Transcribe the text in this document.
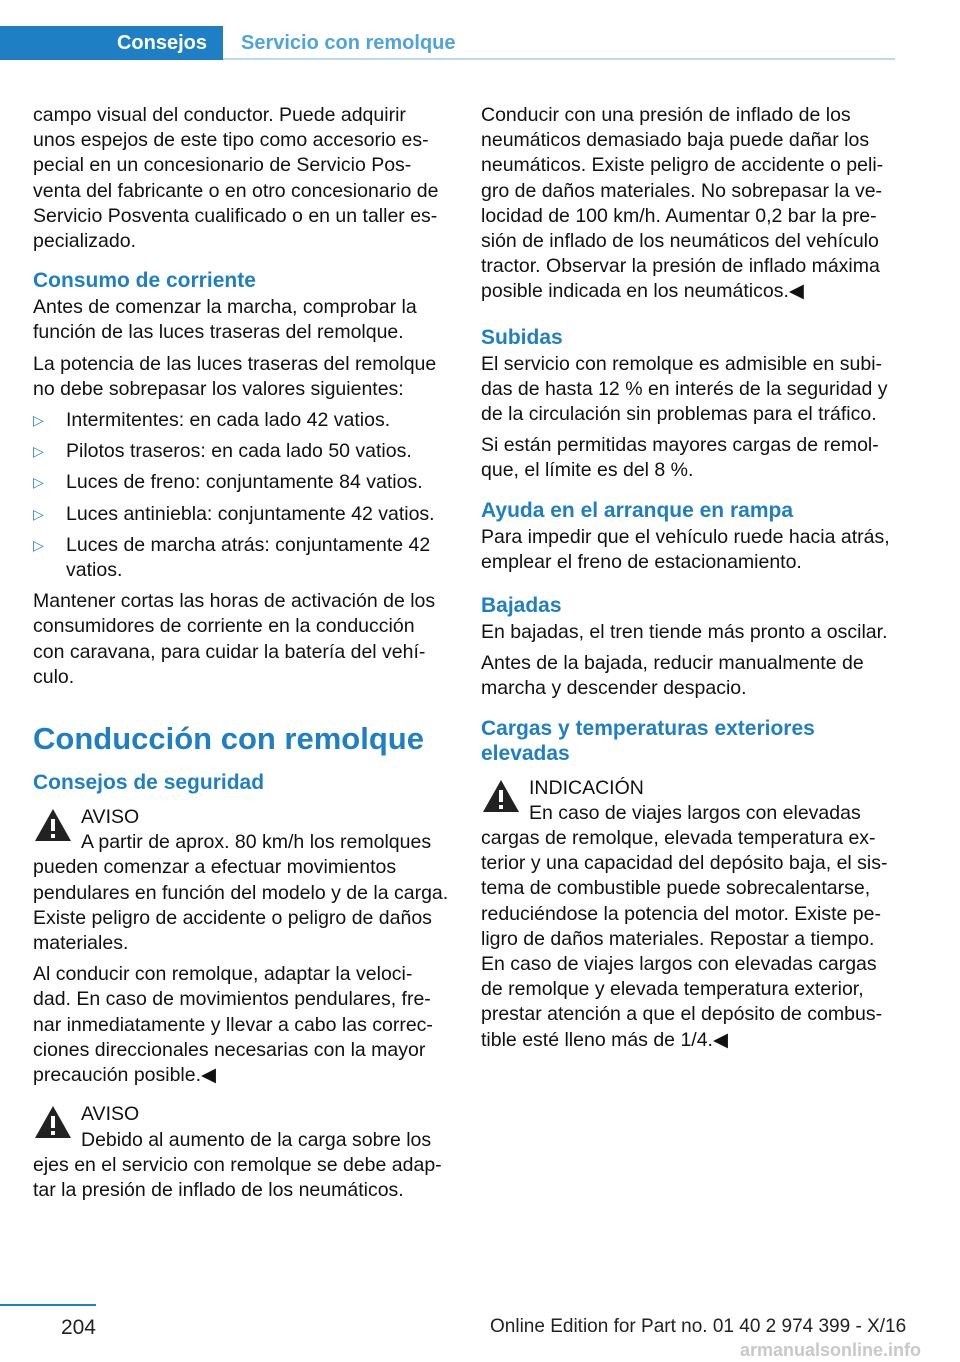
Consejos	Servicio con remolque

campo visual del conductor. Puede adquirir unos espejos de este tipo como accesorio es‐ pecial en un concesionario de Servicio Pos‐ venta del fabricante o en otro concesionario de Servicio Posventa cualificado o en un taller es‐ pecializado.

Consumo de corriente

Antes de comenzar la marcha, comprobar la función de las luces traseras del remolque.

La potencia de las luces traseras del remolque no debe sobrepasar los valores siguientes:

▷ Intermitentes: en cada lado 42 vatios.
▷ Pilotos traseros: en cada lado 50 vatios.
▷ Luces de freno: conjuntamente 84 vatios.
▷ Luces antiniebla: conjuntamente 42 vatios.
▷ Luces de marcha atrás: conjuntamente 42 vatios.

Mantener cortas las horas de activación de los consumidores de corriente en la conducción con caravana, para cuidar la batería del vehí‐ culo.

Conducción con remolque
Consejos de seguridad
AVISO
A partir de aprox. 80 km/h los remolques

pueden comenzar a efectuar movimientos pendulares en función del modelo y de la carga. Existe peligro de accidente o peligro de daños materiales.

Al conducir con remolque, adaptar la veloci‐ dad. En caso de movimientos pendulares, fre‐ nar inmediatamente y llevar a cabo las correc‐ ciones direccionales necesarias con la mayor precaución posible.◀

AVISO
Debido al aumento de la carga sobre los

ejes en el servicio con remolque se debe adap‐ tar la presión de inflado de los neumáticos.

Conducir con una presión de inflado de los neumáticos demasiado baja puede dañar los neumáticos. Existe peligro de accidente o peli‐ gro de daños materiales. No sobrepasar la ve‐ locidad de 100 km/h. Aumentar 0,2 bar la pre‐ sión de inflado de los neumáticos del vehículo tractor. Observar la presión de inflado máxima posible indicada en los neumáticos.◀

Subidas

El servicio con remolque es admisible en subi‐ das de hasta 12 % en interés de la seguridad y de la circulación sin problemas para el tráfico.

Si están permitidas mayores cargas de remol‐ que, el límite es del 8 %.

Ayuda en el arranque en rampa

Para impedir que el vehículo ruede hacia atrás, emplear el freno de estacionamiento.

Bajadas

En bajadas, el tren tiende más pronto a oscilar.

Antes de la bajada, reducir manualmente de marcha y descender despacio.

Cargas y temperaturas exteriores elevadas
INDICACIÓN
En caso de viajes largos con elevadas

cargas de remolque, elevada temperatura ex‐ terior y una capacidad del depósito baja, el sis‐ tema de combustible puede sobrecalentarse, reduciéndose la potencia del motor. Existe pe‐ ligro de daños materiales. Repostar a tiempo. En caso de viajes largos con elevadas cargas de remolque y elevada temperatura exterior, prestar atención a que el depósito de combus‐ tible esté lleno más de 1/4.◀

204	Online Edition for Part no. 01 40 2 974 399 - X/16
armanualsonline.info
